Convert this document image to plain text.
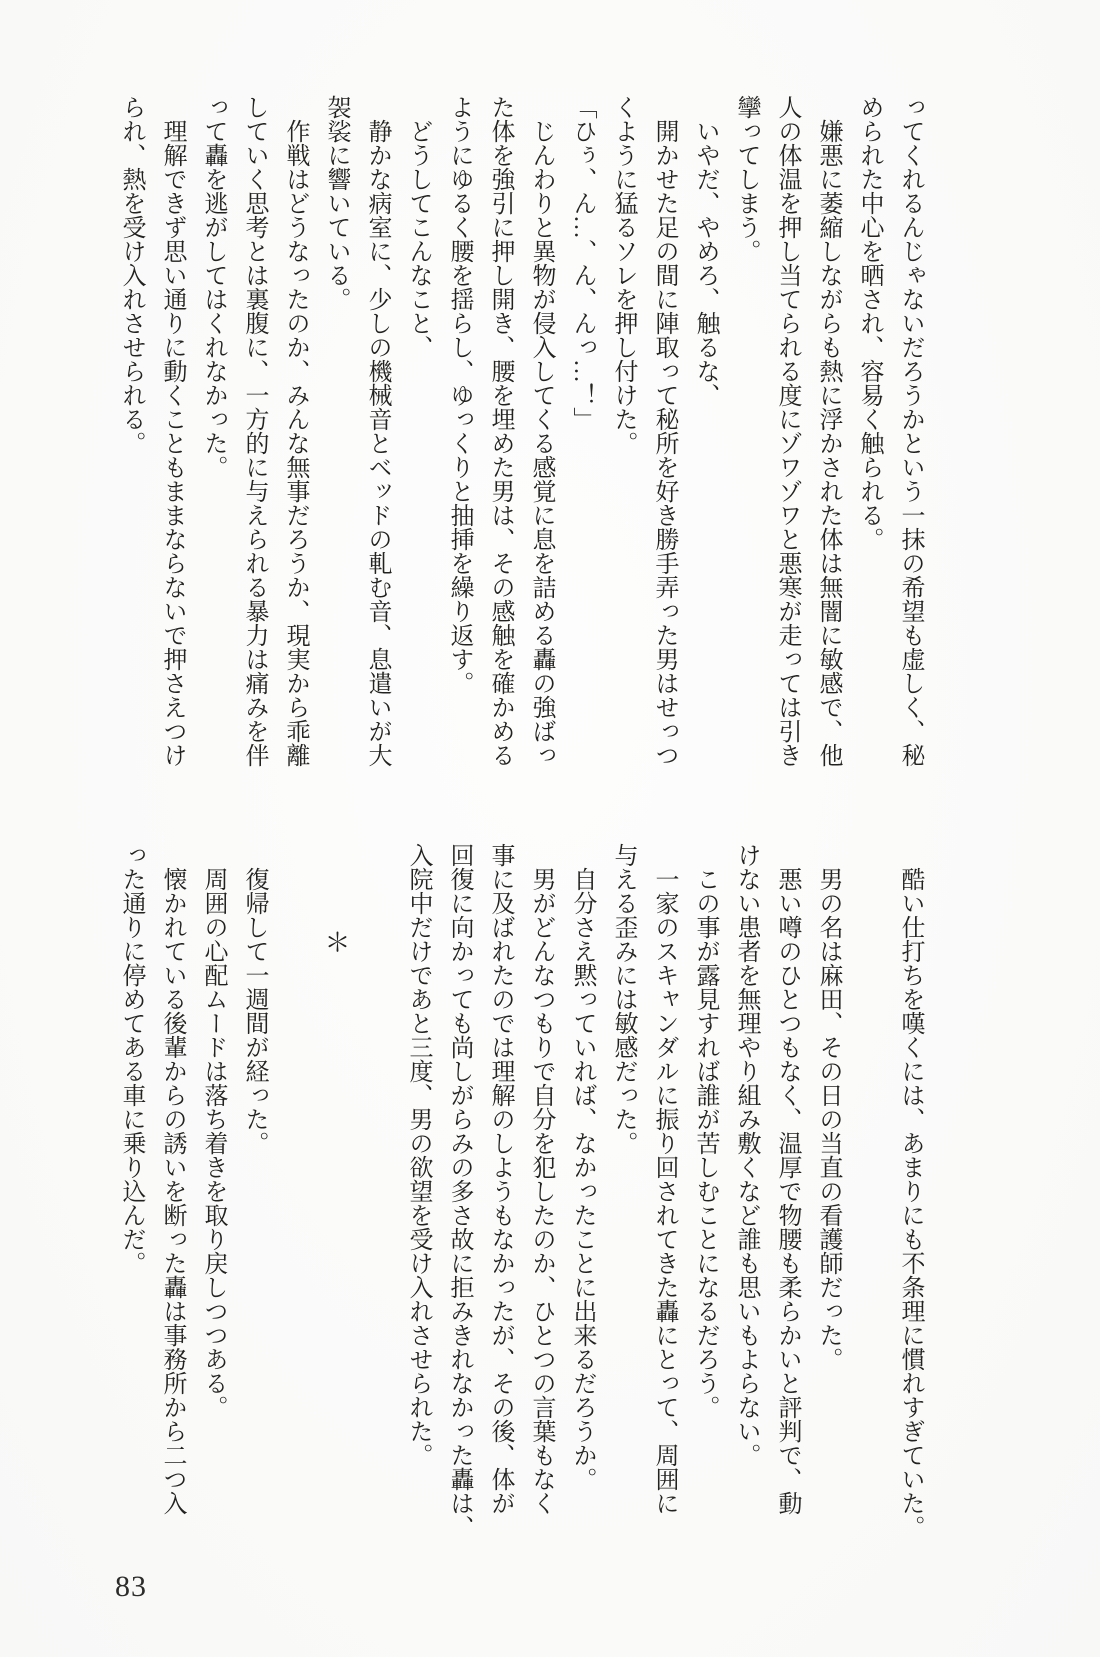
ってくれるんじゃないだろうかという一抹の希望も虚しく、秘

められた中心を晒され、容易く触られる。

嫌悪に萎縮しながらも熱に浮かされた体は無闇に敏感で、他

人の体温を押し当てられる度にゾワゾワと悪寒が走っては引き

攣ってしまう。

いやだ、やめろ、触るな、

開かせた足の間に陣取って秘所を好き勝手弄った男はせっつ

くように猛るソレを押し付けた。

「ひぅ、ん…、ん、んっ…！」

じんわりと異物が侵入してくる感覚に息を詰める轟の強ばっ

た体を強引に押し開き、腰を埋めた男は、その感触を確かめる

ようにゆるく腰を揺らし、ゆっくりと抽挿を繰り返す。

どうしてこんなこと、

静かな病室に、少しの機械音とベッドの軋む音、息遣いが大

袈裟に響いている。

作戦はどうなったのか、みんな無事だろうか、現実から乖離

していく思考とは裏腹に、一方的に与えられる暴力は痛みを伴

って轟を逃がしてはくれなかった。

理解できず思い通りに動くこともままならないで押さえつけ

られ、熱を受け入れさせられる。

酷い仕打ちを嘆くには、あまりにも不条理に慣れすぎていた。

男の名は麻田、その日の当直の看護師だった。

悪い噂のひとつもなく、温厚で物腰も柔らかいと評判で、動

けない患者を無理やり組み敷くなど誰も思いもよらない。

この事が露見すれば誰が苦しむことになるだろう。

一家のスキャンダルに振り回されてきた轟にとって、周囲に

与える歪みには敏感だった。

自分さえ黙っていれば、なかったことに出来るだろうか。

男がどんなつもりで自分を犯したのか、ひとつの言葉もなく

事に及ばれたのでは理解のしようもなかったが、その後、体が

回復に向かっても尚しがらみの多さ故に拒みきれなかった轟は、

入院中だけであと三度、男の欲望を受け入れさせられた。

＊

復帰して一週間が経った。

周囲の心配ムードは落ち着きを取り戻しつつある。

懐かれている後輩からの誘いを断った轟は事務所から二つ入

った通りに停めてある車に乗り込んだ。

83
